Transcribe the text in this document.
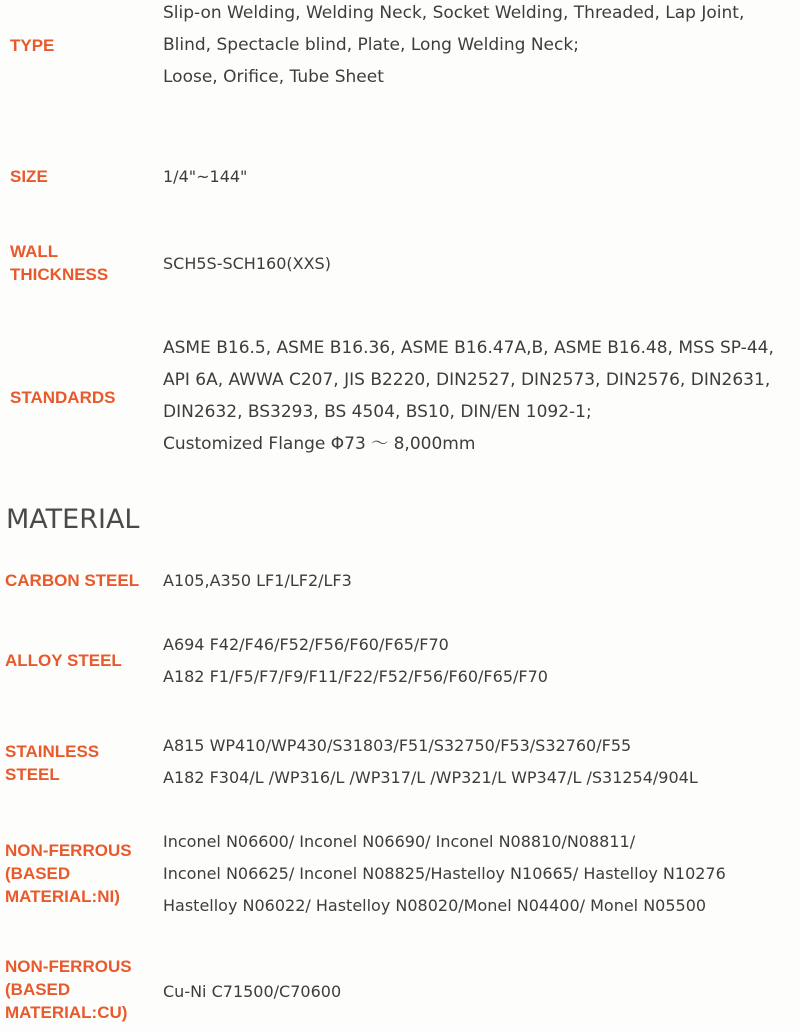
TYPE
Slip-on Welding, Welding Neck, Socket Welding, Threaded, Lap Joint,
Blind, Spectacle blind, Plate, Long Welding Neck;
Loose, Orifice, Tube Sheet
SIZE	1/4"~144"
WALL
THICKNESS
SCH5S-SCH160(XXS)
STANDARDS
ASME B16.5, ASME B16.36, ASME B16.47A,B, ASME B16.48, MSS SP-44,
API 6A, AWWA C207, JIS B2220, DIN2527, DIN2573, DIN2576, DIN2631,
DIN2632, BS3293, BS 4504, BS10, DIN/EN 1092-1;
Customized Flange Φ73 ～ 8,000mm
MATERIAL
CARBON STEEL A105,A350 LF1/LF2/LF3
ALLOY STEEL
A694 F42/F46/F52/F56/F60/F65/F70
A182 F1/F5/F7/F9/F11/F22/F52/F56/F60/F65/F70
STAINLESS
STEEL
A815 WP410/WP430/S31803/F51/S32750/F53/S32760/F55
A182 F304/L /WP316/L /WP317/L /WP321/L WP347/L /S31254/904L
NON-FERROUS
(BASED
MATERIAL:NI)
Inconel N06600/ Inconel N06690/ Inconel N08810/N08811/
Inconel N06625/ Inconel N08825/Hastelloy N10665/ Hastelloy N10276
Hastelloy N06022/ Hastelloy N08020/Monel N04400/ Monel N05500
NON-FERROUS
(BASED
MATERIAL:CU)
Cu-Ni C71500/C70600
